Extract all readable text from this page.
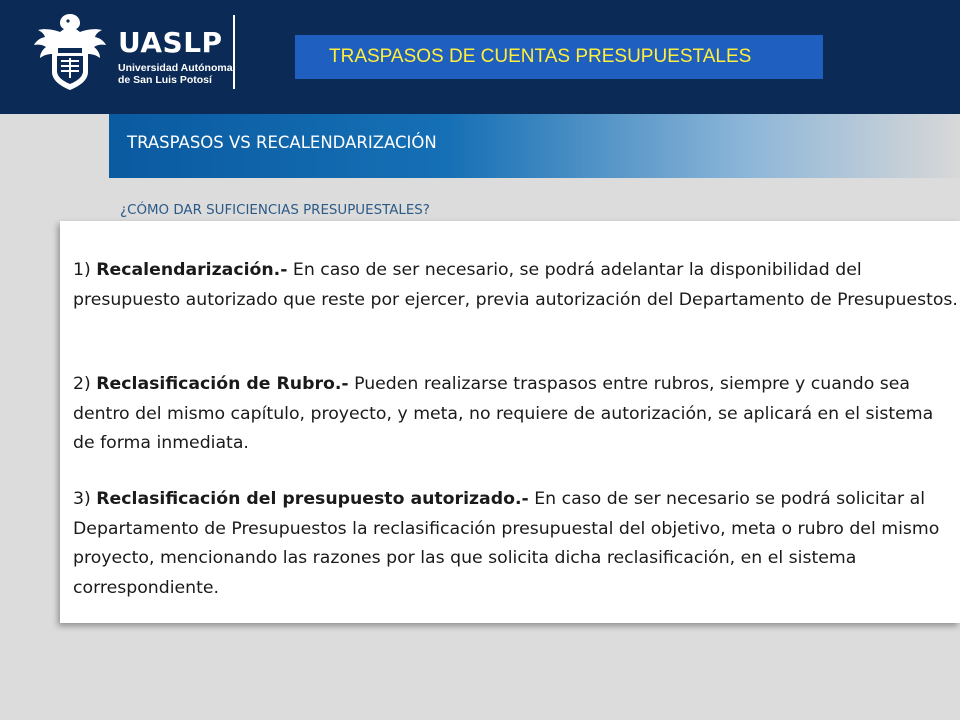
UASLP
Universidad Autónoma
de San Luis Potosí
TRASPASOS DE CUENTAS PRESUPUESTALES
TRASPASOS VS RECALENDARIZACIÓN
¿CÓMO DAR SUFICIENCIAS PRESUPUESTALES?
1) Recalendarización.- En caso de ser necesario, se podrá adelantar la disponibilidad del presupuesto autorizado que reste por ejercer, previa autorización del Departamento de Presupuestos.
2) Reclasificación de Rubro.- Pueden realizarse traspasos entre rubros, siempre y cuando sea dentro del mismo capítulo, proyecto, y meta, no requiere de autorización, se aplicará en el sistema de forma inmediata.
3) Reclasificación del presupuesto autorizado.- En caso de ser necesario se podrá solicitar al Departamento de Presupuestos la reclasificación presupuestal del objetivo, meta o rubro del mismo proyecto, mencionando las razones por las que solicita dicha reclasificación, en el sistema correspondiente.
